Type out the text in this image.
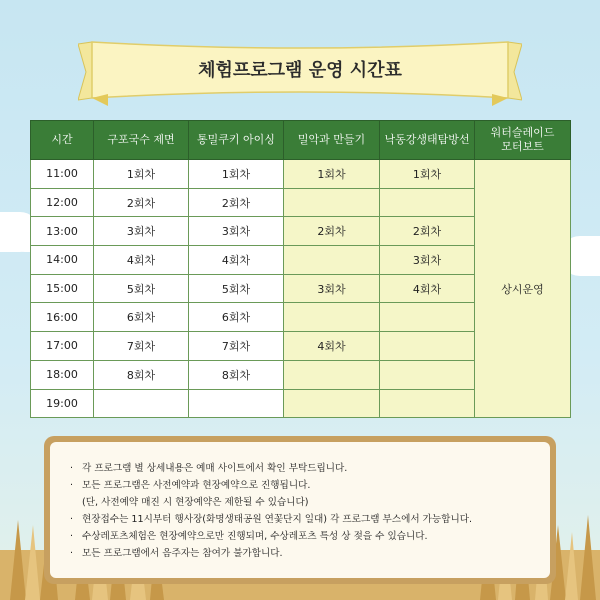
체험프로그램 운영 시간표
시간	구포국수 제면	통밀쿠키 아이싱	밀악과 만들기	낙동강생태탐방선	워터슬레이드
모터보트
11:00	1회차	1회차	1회차	1회차	상시운영
12:00	2회차	2회차			
13:00	3회차	3회차	2회차	2회차	
14:00	4회차	4회차		3회차	
15:00	5회차	5회차	3회차	4회차	
16:00	6회차	6회차			
17:00	7회차	7회차	4회차		
18:00	8회차	8회차			
19:00					
· 각 프로그램 별 상세내용은 예매 사이트에서 확인 부탁드립니다.
· 모든 프로그램은 사전예약과 현장예약으로 진행됩니다.
(단, 사전예약 매진 시 현장예약은 제한될 수 있습니다)
· 현장접수는 11시부터 행사장(화명생태공원 연꽃단지 일대) 각 프로그램 부스에서 가능합니다.
· 수상레포츠체험은 현장예약으로만 진행되며, 수상레포츠 특성 상 젖을 수 있습니다.
· 모든 프로그램에서 음주자는 참여가 불가합니다.
